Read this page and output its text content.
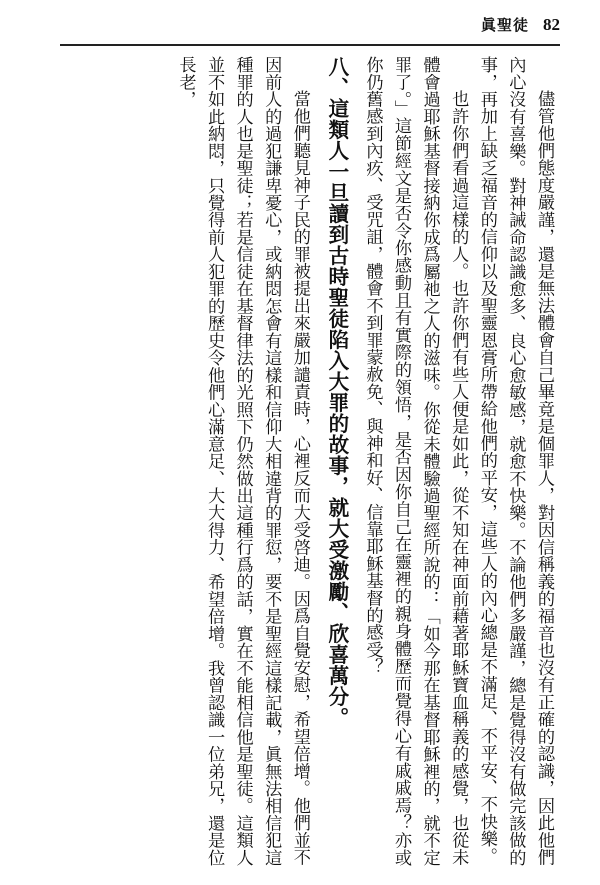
眞聖徒 82

儘管他們態度嚴謹，還是無法體會自己畢竟是個罪人，對因信稱義的福音也沒有正確的認識，因此他們內心沒有喜樂。對神誡命認識愈多、良心愈敏感，就愈不快樂。不論他們多嚴謹，總是覺得沒有做完該做的事，再加上缺乏福音的信仰以及聖靈恩膏所帶給他們的平安，這些人的內心總是不滿足、不平安、不快樂。

也許你們看過這樣的人。也許你們有些人便是如此，從不知在神面前藉著耶穌寶血稱義的感覺，也從未體會過耶穌基督接納你成爲屬祂之人的滋味。你從未體驗過聖經所說的：「如今那在基督耶穌裡的，就不定罪了。」這節經文是否令你感動且有實際的領悟，是否因你自己在靈裡的親身體歷而覺得心有戚戚焉？亦或你仍舊感到內疚、受咒詛，體會不到罪蒙赦免、與神和好、信靠耶穌基督的感受？

八、這類人一旦讀到古時聖徒陷入大罪的故事，就大受激勵、欣喜萬分。

當他們聽見神子民的罪被提出來嚴加譴責時，心裡反而大受啓迪。因爲自覺安慰，希望倍增。他們並不因前人的過犯謙卑憂心，或納悶怎會有這樣和信仰大相違背的罪愆，要不是聖經這樣記載，眞無法相信犯這種罪的人也是聖徒；若是信徒在基督律法的光照下仍然做出這種行爲的話，實在不能相信他是聖徒。這類人並不如此納悶，只覺得前人犯罪的歷史令他們心滿意足、大大得力、希望倍增。我曾認識一位弟兄，還是位長老，
